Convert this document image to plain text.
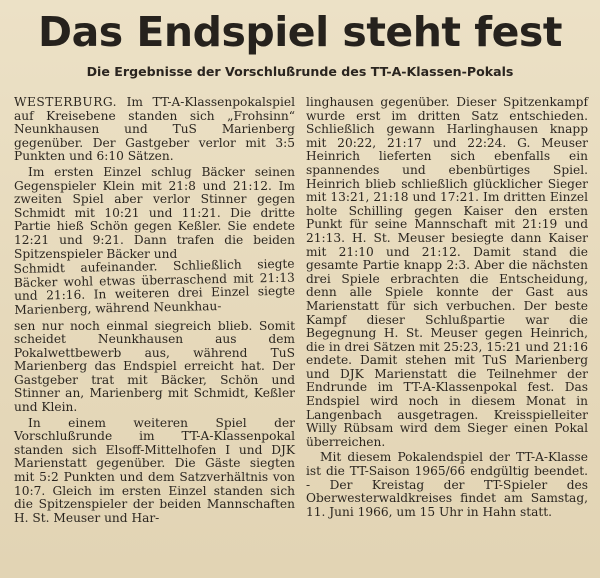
Das Endspiel steht fest
Die Ergebnisse der Vorschlußrunde des TT-A-Klassen-Pokals

WESTERBURG. Im TT-A-Klassenpokalspiel auf Kreisebene standen sich „Frohsinn“ Neunkhausen und TuS Marienberg gegenüber. Der Gastgeber verlor mit 3:5 Punkten und 6:10 Sätzen.

Im ersten Einzel schlug Bäcker seinen Gegenspieler Klein mit 21:8 und 21:12. Im zweiten Spiel aber verlor Stinner gegen Schmidt mit 10:21 und 11:21. Die dritte Partie hieß Schön gegen Keßler. Sie endete 12:21 und 9:21. Dann trafen die beiden Spitzenspieler Bäcker und

Schmidt aufeinander. Schließlich siegte Bäcker wohl etwas überraschend mit 21:13 und 21:16. In weiteren drei Einzel siegte Marienberg, während Neunkhau-

sen nur noch einmal siegreich blieb. Somit scheidet Neunkhausen aus dem Pokalwettbewerb aus, während TuS Marienberg das Endspiel erreicht hat. Der Gastgeber trat mit Bäcker, Schön und Stinner an, Marienberg mit Schmidt, Keßler und Klein.

In einem weiteren Spiel der Vorschlußrunde im TT-A-Klassenpokal standen sich Elsoff-Mittelhofen I und DJK Marienstatt gegenüber. Die Gäste siegten mit 5:2 Punkten und dem Satzverhältnis von 10:7. Gleich im ersten Einzel standen sich die Spitzenspieler der beiden Mannschaften H. St. Meuser und Har-

linghausen gegenüber. Dieser Spitzenkampf wurde erst im dritten Satz entschieden. Schließlich gewann Harlinghausen knapp mit 20:22, 21:17 und 22:24. G. Meuser Heinrich lieferten sich ebenfalls ein spannendes und ebenbürtiges Spiel. Heinrich blieb schließlich glücklicher Sieger mit 13:21, 21:18 und 17:21. Im dritten Einzel holte Schilling gegen Kaiser den ersten Punkt für seine Mannschaft mit 21:19 und 21:13. H. St. Meuser besiegte dann Kaiser mit 21:10 und 21:12. Damit stand die gesamte Partie knapp 2:3. Aber die nächsten drei Spiele erbrachten die Entscheidung, denn alle Spiele konnte der Gast aus Marienstatt für sich verbuchen. Der beste Kampf dieser Schlußpartie war die Begegnung H. St. Meuser gegen Heinrich, die in drei Sätzen mit 25:23, 15:21 und 21:16 endete. Damit stehen mit TuS Marienberg und DJK Marienstatt die Teilnehmer der Endrunde im TT-A-Klassenpokal fest. Das Endspiel wird noch in diesem Monat in Langenbach ausgetragen. Kreisspielleiter Willy Rübsam wird dem Sieger einen Pokal überreichen.

Mit diesem Pokalendspiel der TT-A-Klasse ist die TT-Saison 1965/66 endgültig beendet. - Der Kreistag der TT-Spieler des Oberwesterwaldkreises findet am Samstag, 11. Juni 1966, um 15 Uhr in Hahn statt.
